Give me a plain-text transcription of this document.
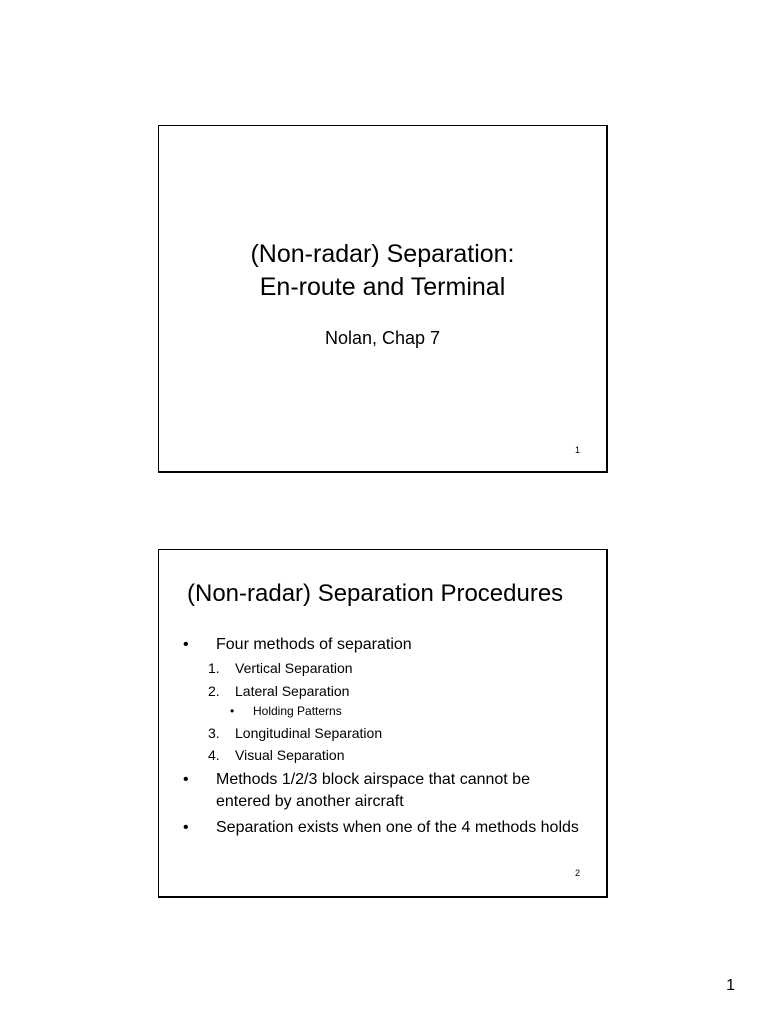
(Non-radar) Separation:
En-route and Terminal
Nolan, Chap 7
1
(Non-radar) Separation Procedures
• Four methods of separation
1. Vertical Separation
2. Lateral Separation
• Holding Patterns
3. Longitudinal Separation
4. Visual Separation
• Methods 1/2/3 block airspace that cannot be entered by another aircraft
• Separation exists when one of the 4 methods holds
2
1
